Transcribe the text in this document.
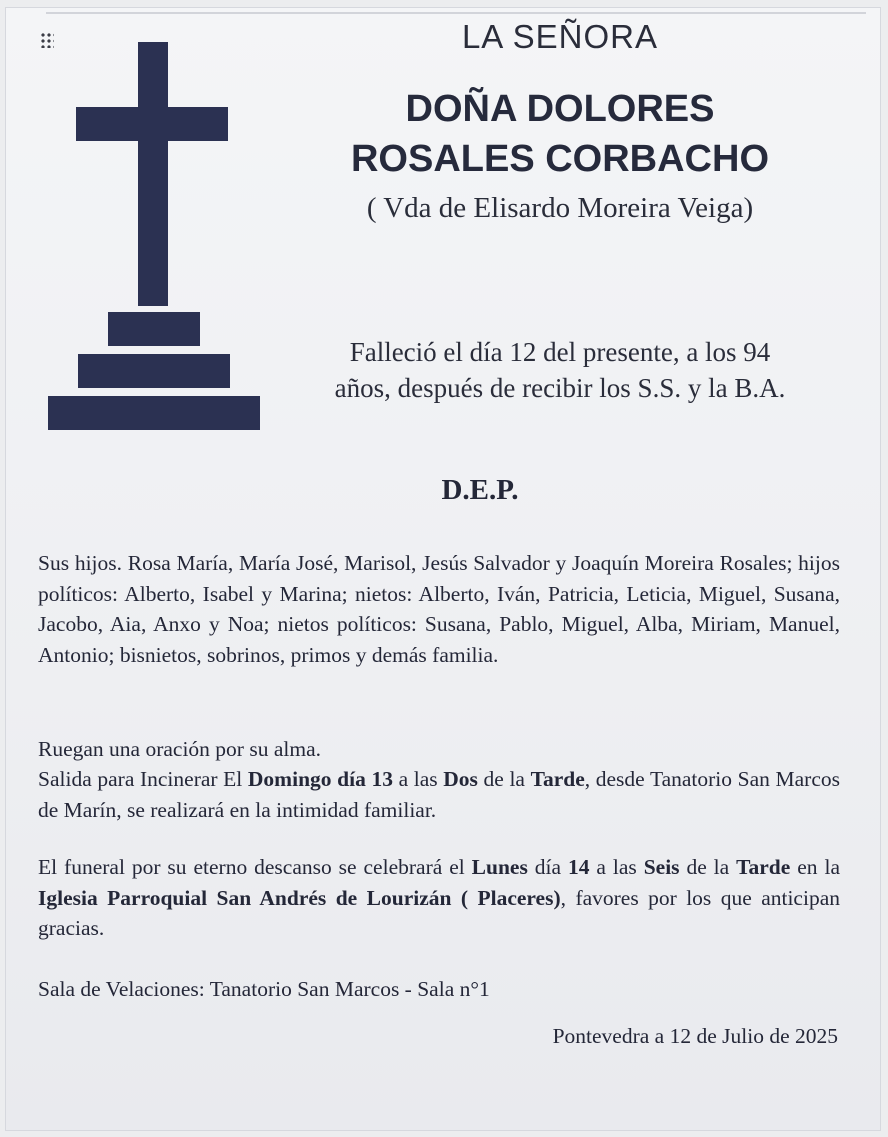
LA SEÑORA
DOÑA DOLORES
ROSALES CORBACHO
( Vda de Elisardo Moreira Veiga)
Falleció el día 12 del presente, a los 94
años, después de recibir los S.S. y la B.A.
D.E.P.
Sus hijos. Rosa María, María José, Marisol, Jesús Salvador y Joaquín Moreira Rosales; hijos políticos: Alberto, Isabel y Marina; nietos: Alberto, Iván, Patricia, Leticia, Miguel, Susana, Jacobo, Aia, Anxo y Noa; nietos políticos: Susana, Pablo, Miguel, Alba, Miriam, Manuel, Antonio; bisnietos, sobrinos, primos y demás familia.
Ruegan una oración por su alma.
Salida para Incinerar El Domingo día 13 a las Dos de la Tarde, desde Tanatorio San Marcos de Marín, se realizará en la intimidad familiar.
El funeral por su eterno descanso se celebrará el Lunes día 14 a las Seis de la Tarde en la Iglesia Parroquial San Andrés de Lourizán ( Placeres), favores por los que anticipan gracias.
Sala de Velaciones: Tanatorio San Marcos - Sala n°1
Pontevedra a 12 de Julio de 2025
